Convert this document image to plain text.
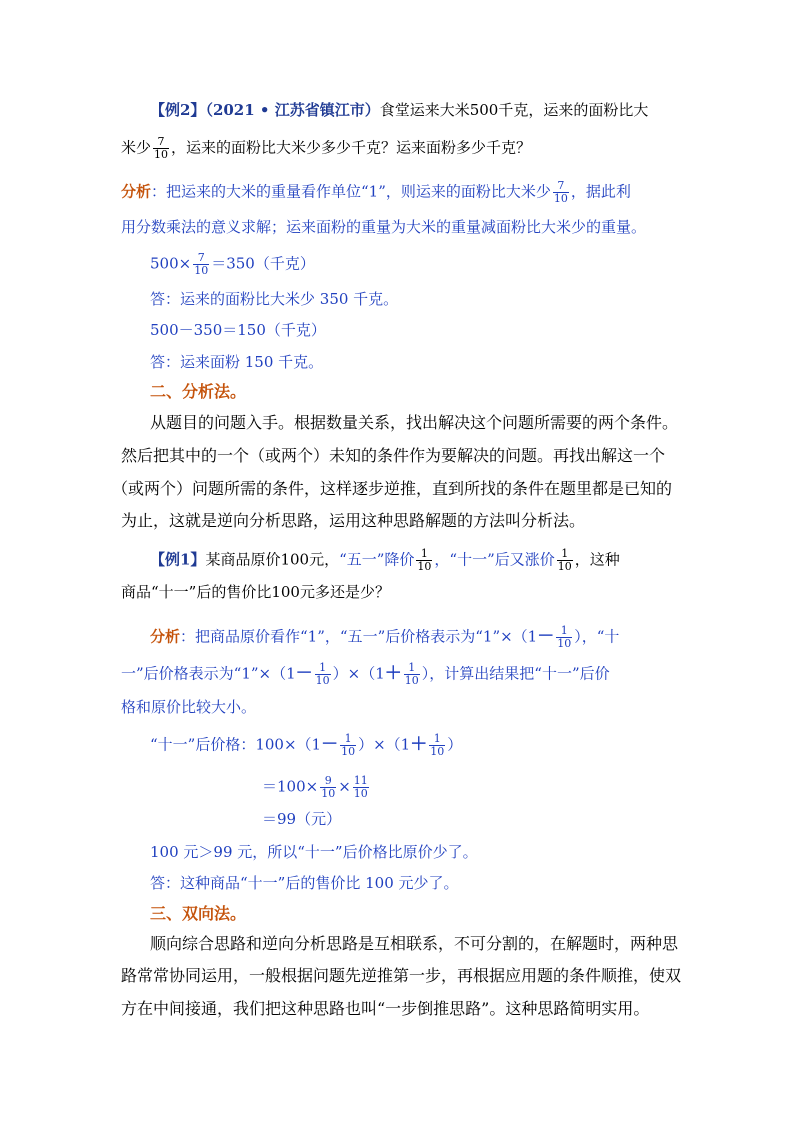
【例2】（2021 • 江苏省镇江市）食堂运来大米500千克，运来的面粉比大
米少 $\frac{7}{10}$ ，运来的面粉比大米少多少千克？运来面粉多少千克？
分析：把运来的大米的重量看作单位“1”，则运来的面粉比大米少 $\frac{7}{10}$ ，据此利
用分数乘法的意义求解；运来面粉的重量为大米的重量减面粉比大米少的重量。
$500\times \frac{7}{10} =350$（千克）
答：运来的面粉比大米少 350 千克。
500－350＝150（千克）
答：运来面粉 150 千克。
二、分析法。
从题目的问题入手。根据数量关系，找出解决这个问题所需要的两个条件。
然后把其中的一个（或两个）未知的条件作为要解决的问题。再找出解这一个
（或两个）问题所需的条件，这样逐步逆推，直到所找的条件在题里都是已知的
为止，这就是逆向分析思路，运用这种思路解题的方法叫分析法。
【例1】某商品原价100元，“五一”降价 $\frac{1}{10}$ ，“十一”后又涨价 $\frac{1}{10}$ ，这种
商品“十一”后的售价比100元多还是少？
分析：把商品原价看作“1”，“五一”后价格表示为“1”×（1－ $\frac{1}{10}$ ），“十
一”后价格表示为“1”×（1－ $\frac{1}{10} )\times(1+ \frac{1}{10}$ ），计算出结果把“十一”后价
格和原价比较大小。
“十一”后价格：$100\times(1- \frac{1}{10} )\times(1+ \frac{1}{10}$ ）
$=100\times \frac{9}{10} \times \frac{11}{10}$
＝99（元）
100 元＞99 元，所以“十一”后价格比原价少了。
答：这种商品“十一”后的售价比 100 元少了。
三、双向法。
顺向综合思路和逆向分析思路是互相联系，不可分割的，在解题时，两种思
路常常协同运用，一般根据问题先逆推第一步，再根据应用题的条件顺推，使双
方在中间接通，我们把这种思路也叫“一步倒推思路”。这种思路简明实用。
